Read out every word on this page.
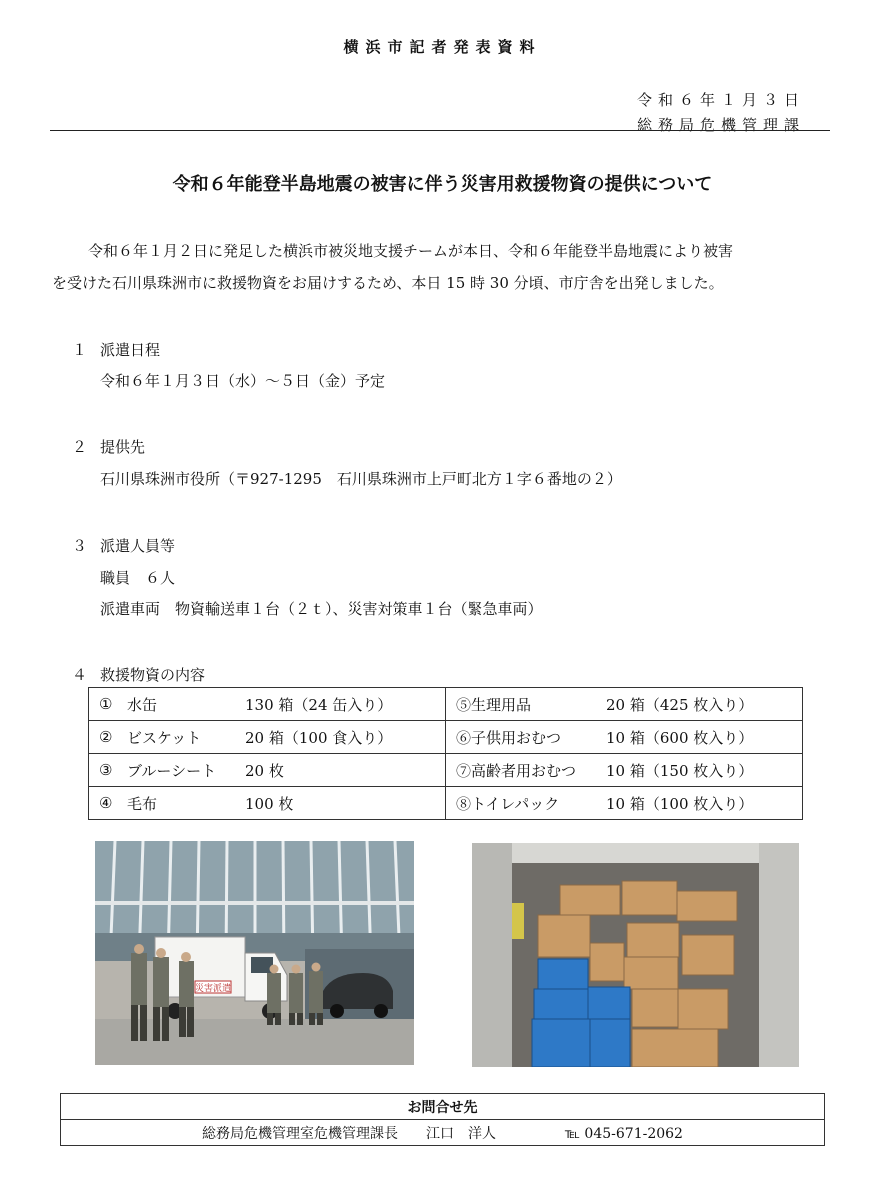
横浜市記者発表資料
令和６年１月３日
総務局危機管理課
令和６年能登半島地震の被害に伴う災害用救援物資の提供について
令和６年１月２日に発足した横浜市被災地支援チームが本日、令和６年能登半島地震により被害
を受けた石川県珠洲市に救援物資をお届けするため、本日 15 時 30 分頃、市庁舎を出発しました。
１ 派遣日程
令和６年１月３日（水）～５日（金）予定
２ 提供先
石川県珠洲市役所（〒927-1295　石川県珠洲市上戸町北方１字６番地の２）
３ 派遣人員等
職員　６人
派遣車両　物資輸送車１台（２ｔ）、災害対策車１台（緊急車両）
４ 救援物資の内容
① 水缶 130 箱（24 缶入り）	⑤生理用品 20 箱（425 枚入り）

② ビスケット 20 箱（100 食入り）	⑥子供用おむつ 10 箱（600 枚入り）

③ ブルーシート 20 枚	⑦高齢者用おむつ 10 箱（150 枚入り）

④ 毛布 100 枚	⑧トイレパック 10 箱（100 枚入り）
災害派遣
お問合せ先
総務局危機管理室危機管理課長　　江口　洋人	℡ 045-671-2062
